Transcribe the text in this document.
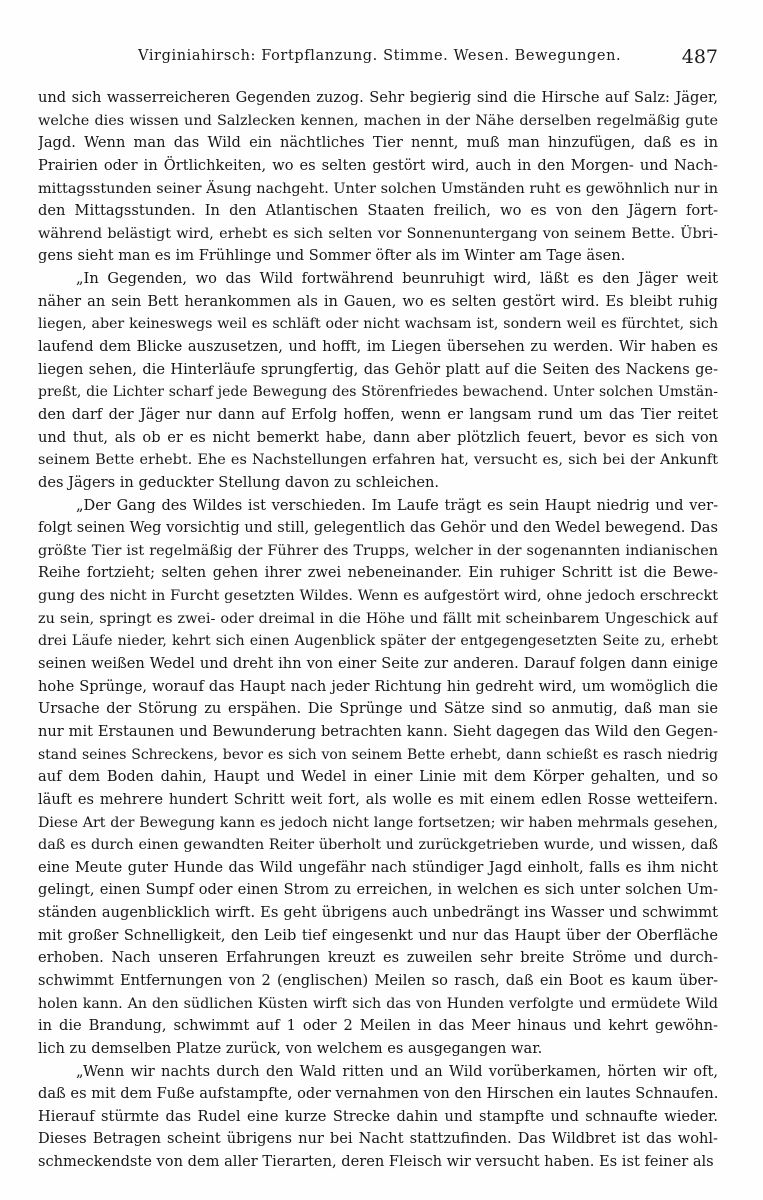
Virginiahirsch: Fortpflanzung. Stimme. Wesen. Bewegungen.	487
und sich wasserreicheren Gegenden zuzog. Sehr begierig sind die Hirsche auf Salz: Jäger,
welche dies wissen und Salzlecken kennen, machen in der Nähe derselben regelmäßig gute
Jagd. Wenn man das Wild ein nächtliches Tier nennt, muß man hinzufügen, daß es in
Prairien oder in Örtlichkeiten, wo es selten gestört wird, auch in den Morgen- und Nach-
mittagsstunden seiner Äsung nachgeht. Unter solchen Umständen ruht es gewöhnlich nur in
den Mittagsstunden. In den Atlantischen Staaten freilich, wo es von den Jägern fort-
während belästigt wird, erhebt es sich selten vor Sonnenuntergang von seinem Bette. Übri-
gens sieht man es im Frühlinge und Sommer öfter als im Winter am Tage äsen.
„In Gegenden, wo das Wild fortwährend beunruhigt wird, läßt es den Jäger weit
näher an sein Bett herankommen als in Gauen, wo es selten gestört wird. Es bleibt ruhig
liegen, aber keineswegs weil es schläft oder nicht wachsam ist, sondern weil es fürchtet, sich
laufend dem Blicke auszusetzen, und hofft, im Liegen übersehen zu werden. Wir haben es
liegen sehen, die Hinterläufe sprungfertig, das Gehör platt auf die Seiten des Nackens ge-
preßt, die Lichter scharf jede Bewegung des Störenfriedes bewachend. Unter solchen Umstän-
den darf der Jäger nur dann auf Erfolg hoffen, wenn er langsam rund um das Tier reitet
und thut, als ob er es nicht bemerkt habe, dann aber plötzlich feuert, bevor es sich von
seinem Bette erhebt. Ehe es Nachstellungen erfahren hat, versucht es, sich bei der Ankunft
des Jägers in geduckter Stellung davon zu schleichen.
„Der Gang des Wildes ist verschieden. Im Laufe trägt es sein Haupt niedrig und ver-
folgt seinen Weg vorsichtig und still, gelegentlich das Gehör und den Wedel bewegend. Das
größte Tier ist regelmäßig der Führer des Trupps, welcher in der sogenannten indianischen
Reihe fortzieht; selten gehen ihrer zwei nebeneinander. Ein ruhiger Schritt ist die Bewe-
gung des nicht in Furcht gesetzten Wildes. Wenn es aufgestört wird, ohne jedoch erschreckt
zu sein, springt es zwei- oder dreimal in die Höhe und fällt mit scheinbarem Ungeschick auf
drei Läufe nieder, kehrt sich einen Augenblick später der entgegengesetzten Seite zu, erhebt
seinen weißen Wedel und dreht ihn von einer Seite zur anderen. Darauf folgen dann einige
hohe Sprünge, worauf das Haupt nach jeder Richtung hin gedreht wird, um womöglich die
Ursache der Störung zu erspähen. Die Sprünge und Sätze sind so anmutig, daß man sie
nur mit Erstaunen und Bewunderung betrachten kann. Sieht dagegen das Wild den Gegen-
stand seines Schreckens, bevor es sich von seinem Bette erhebt, dann schießt es rasch niedrig
auf dem Boden dahin, Haupt und Wedel in einer Linie mit dem Körper gehalten, und so
läuft es mehrere hundert Schritt weit fort, als wolle es mit einem edlen Rosse wetteifern.
Diese Art der Bewegung kann es jedoch nicht lange fortsetzen; wir haben mehrmals gesehen,
daß es durch einen gewandten Reiter überholt und zurückgetrieben wurde, und wissen, daß
eine Meute guter Hunde das Wild ungefähr nach stündiger Jagd einholt, falls es ihm nicht
gelingt, einen Sumpf oder einen Strom zu erreichen, in welchen es sich unter solchen Um-
ständen augenblicklich wirft. Es geht übrigens auch unbedrängt ins Wasser und schwimmt
mit großer Schnelligkeit, den Leib tief eingesenkt und nur das Haupt über der Oberfläche
erhoben. Nach unseren Erfahrungen kreuzt es zuweilen sehr breite Ströme und durch-
schwimmt Entfernungen von 2 (englischen) Meilen so rasch, daß ein Boot es kaum über-
holen kann. An den südlichen Küsten wirft sich das von Hunden verfolgte und ermüdete Wild
in die Brandung, schwimmt auf 1 oder 2 Meilen in das Meer hinaus und kehrt gewöhn-
lich zu demselben Platze zurück, von welchem es ausgegangen war.
„Wenn wir nachts durch den Wald ritten und an Wild vorüberkamen, hörten wir oft,
daß es mit dem Fuße aufstampfte, oder vernahmen von den Hirschen ein lautes Schnaufen.
Hierauf stürmte das Rudel eine kurze Strecke dahin und stampfte und schnaufte wieder.
Dieses Betragen scheint übrigens nur bei Nacht stattzufinden. Das Wildbret ist das wohl-
schmeckendste von dem aller Tierarten, deren Fleisch wir versucht haben. Es ist feiner als
